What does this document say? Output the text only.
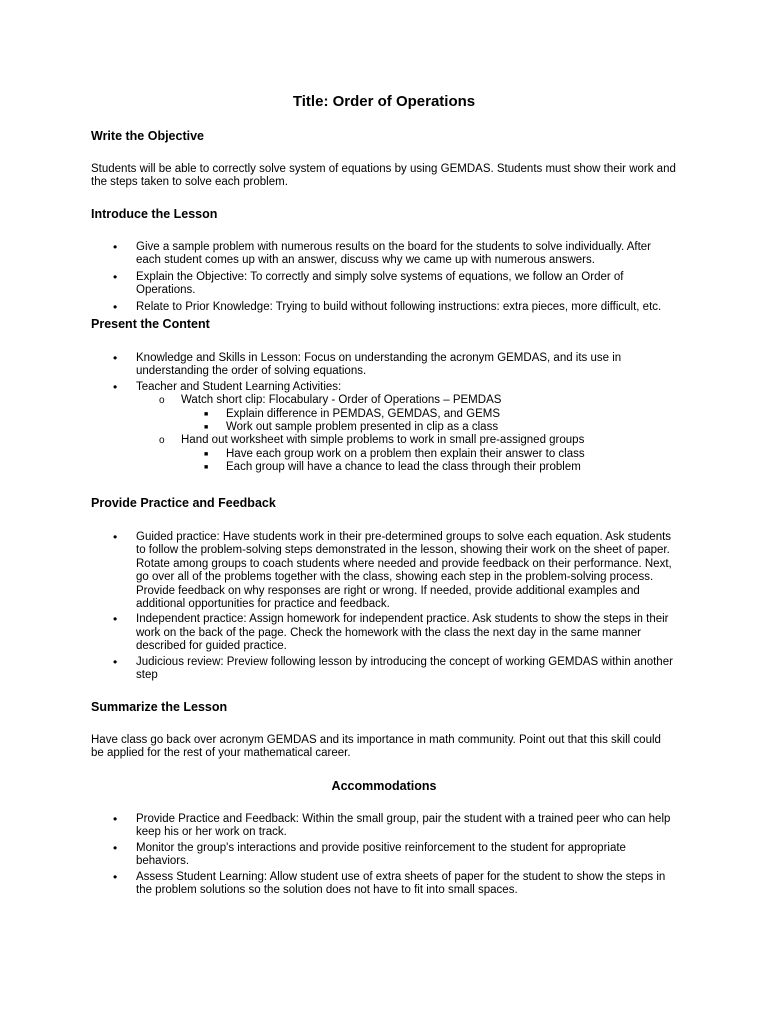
Title: Order of Operations
Write the Objective
Students will be able to correctly solve system of equations by using GEMDAS. Students must show their work and the steps taken to solve each problem.
Introduce the Lesson
• Give a sample problem with numerous results on the board for the students to solve individually. After each student comes up with an answer, discuss why we came up with numerous answers.
• Explain the Objective: To correctly and simply solve systems of equations, we follow an Order of Operations.
• Relate to Prior Knowledge: Trying to build without following instructions: extra pieces, more difficult, etc.
Present the Content
• Knowledge and Skills in Lesson: Focus on understanding the acronym GEMDAS, and its use in understanding the order of solving equations.
• Teacher and Student Learning Activities:
o Watch short clip: Flocabulary - Order of Operations – PEMDAS
■ Explain difference in PEMDAS, GEMDAS, and GEMS
■ Work out sample problem presented in clip as a class
o Hand out worksheet with simple problems to work in small pre-assigned groups
■ Have each group work on a problem then explain their answer to class
■ Each group will have a chance to lead the class through their problem
Provide Practice and Feedback
• Guided practice: Have students work in their pre-determined groups to solve each equation. Ask students to follow the problem-solving steps demonstrated in the lesson, showing their work on the sheet of paper. Rotate among groups to coach students where needed and provide feedback on their performance. Next, go over all of the problems together with the class, showing each step in the problem-solving process. Provide feedback on why responses are right or wrong. If needed, provide additional examples and additional opportunities for practice and feedback.
• Independent practice: Assign homework for independent practice. Ask students to show the steps in their work on the back of the page. Check the homework with the class the next day in the same manner described for guided practice.
• Judicious review: Preview following lesson by introducing the concept of working GEMDAS within another step
Summarize the Lesson
Have class go back over acronym GEMDAS and its importance in math community. Point out that this skill could be applied for the rest of your mathematical career.
Accommodations
• Provide Practice and Feedback: Within the small group, pair the student with a trained peer who can help keep his or her work on track.
• Monitor the group's interactions and provide positive reinforcement to the student for appropriate behaviors.
• Assess Student Learning: Allow student use of extra sheets of paper for the student to show the steps in the problem solutions so the solution does not have to fit into small spaces.
